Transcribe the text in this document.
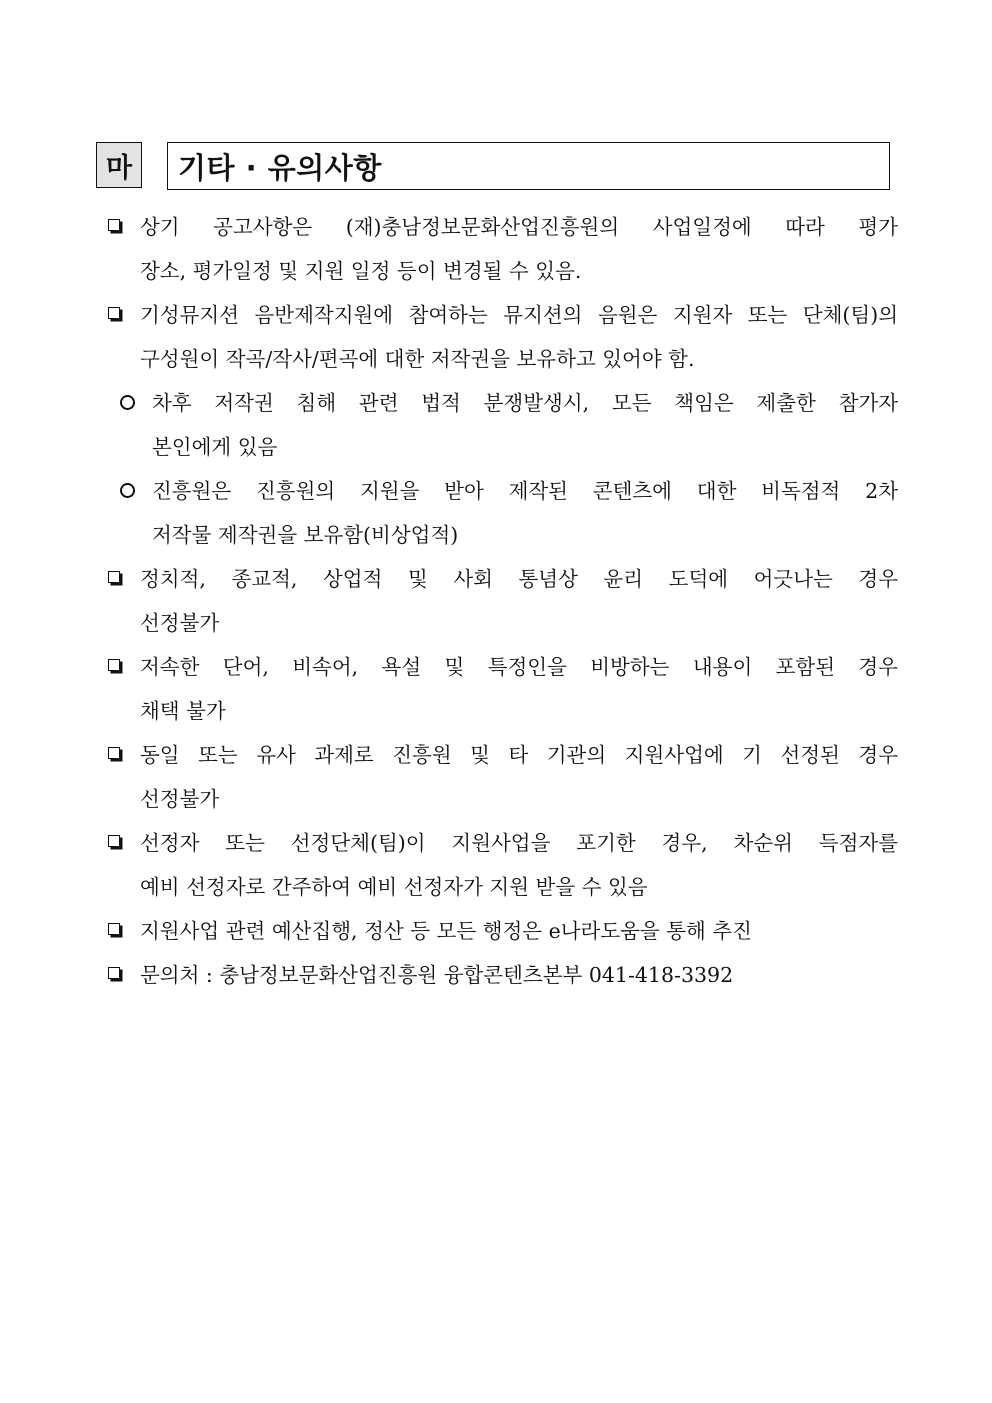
마	기타 · 유의사항
상기 공고사항은 (재)충남정보문화산업진흥원의 사업일정에 따라 평가
장소, 평가일정 및 지원 일정 등이 변경될 수 있음.
기성뮤지션 음반제작지원에 참여하는 뮤지션의 음원은 지원자 또는 단체(팀)의
구성원이 작곡/작사/편곡에 대한 저작권을 보유하고 있어야 함.
차후 저작권 침해 관련 법적 분쟁발생시, 모든 책임은 제출한 참가자
본인에게 있음
진흥원은 진흥원의 지원을 받아 제작된 콘텐츠에 대한 비독점적 2차
저작물 제작권을 보유함(비상업적)
정치적, 종교적, 상업적 및 사회 통념상 윤리 도덕에 어긋나는 경우
선정불가
저속한 단어, 비속어, 욕설 및 특정인을 비방하는 내용이 포함된 경우
채택 불가
동일 또는 유사 과제로 진흥원 및 타 기관의 지원사업에 기 선정된 경우
선정불가
선정자 또는 선정단체(팀)이 지원사업을 포기한 경우, 차순위 득점자를
예비 선정자로 간주하여 예비 선정자가 지원 받을 수 있음
지원사업 관련 예산집행, 정산 등 모든 행정은 e나라도움을 통해 추진
문의처 : 충남정보문화산업진흥원 융합콘텐츠본부 041-418-3392
